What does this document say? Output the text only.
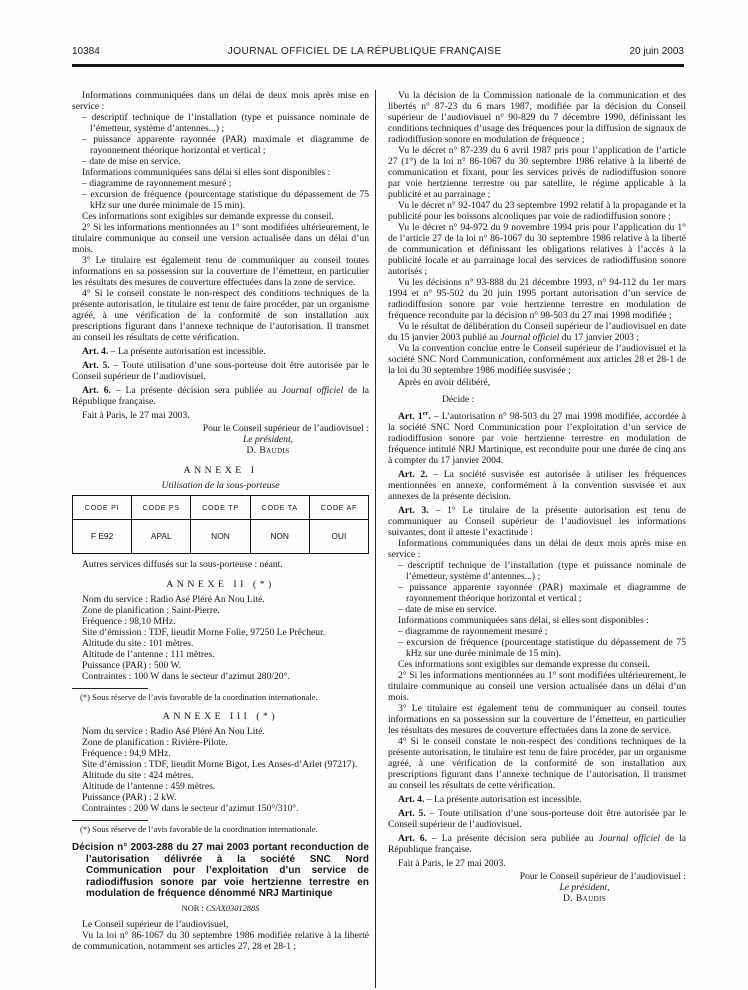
10384	JOURNAL OFFICIEL DE LA RÉPUBLIQUE FRANÇAISE	20 juin 2003

Informations communiquées dans un délai de deux mois après mise en service :

– descriptif technique de l’installation (type et puissance nominale de l’émetteur, système d’antennes...) ;

– puissance apparente rayonnée (PAR) maximale et diagramme de rayonnement théorique horizontal et vertical ;

– date de mise en service.

Informations communiquées sans délai si elles sont disponibles :

– diagramme de rayonnement mesuré ;

– excursion de fréquence (pourcentage statistique du dépassement de 75 kHz sur une durée minimale de 15 min).

Ces informations sont exigibles sur demande expresse du conseil.

2° Si les informations mentionnées au 1° sont modifiées ultérieurement, le titulaire communique au conseil une version actualisée dans un délai d’un mois.

3° Le titulaire est également tenu de communiquer au conseil toutes informations en sa possession sur la couverture de l’émetteur, en particulier les résultats des mesures de couverture effectuées dans la zone de service.

4° Si le conseil constate le non-respect des conditions techniques de la présente autorisation, le titulaire est tenu de faire procéder, par un organisme agréé, à une vérification de la conformité de son installation aux prescriptions figurant dans l’annexe technique de l’autorisation. Il transmet au conseil les résultats de cette vérification.

Art. 4. – La présente autorisation est incessible.

Art. 5. – Toute utilisation d’une sous-porteuse doit être autorisée par le Conseil supérieur de l’audiovisuel.

Art. 6. – La présente décision sera publiée au Journal officiel de la République française.

Fait à Paris, le 27 mai 2003.

Pour le Conseil supérieur de l’audiovisuel :

Le président,

D. Baudis

ANNEXE I

Utilisation de la sous-porteuse

CODE PI	CODE PS	CODE TP	CODE TA	CODE AF
F E92	APAL	NON	NON	OUI

Autres services diffusés sur la sous-porteuse : néant.

ANNEXE II (*)

Nom du service : Radio Asé Pléré An Nou Lité.

Zone de planification : Saint-Pierre.

Fréquence : 98,10 MHz.

Site d’émission : TDF, lieudit Morne Folie, 97250 Le Prêcheur.

Altitude du site : 101 mètres.

Altitude de l’antenne : 111 mètres.

Puissance (PAR) : 500 W.

Contraintes : 100 W dans le secteur d’azimut 280/20°.

(*) Sous réserve de l’avis favorable de la coordination internationale.

ANNEXE III (*)

Nom du service : Radio Asé Pléré An Nou Lité.

Zone de planification : Rivière-Pilote.

Fréquence : 94,9 MHz.

Site d’émission : TDF, lieudit Morne Bigot, Les Anses-d’Arlet (97217).

Altitude du site : 424 mètres.

Altitude de l’antenne : 459 mètres.

Puissance (PAR) : 2 kW.

Contraintes : 200 W dans le secteur d’azimut 150°/310°.

(*) Sous réserve de l’avis favorable de la coordination internationale.

Décision n° 2003-288 du 27 mai 2003 portant reconduction de l’autorisation délivrée à la société SNC Nord Communication pour l’exploitation d’un service de radiodiffusion sonore par voie hertzienne terrestre en modulation de fréquence dénommé NRJ Martinique

NOR : CSAX0301288S

Le Conseil supérieur de l’audiovisuel,

Vu la loi n° 86-1067 du 30 septembre 1986 modifiée relative à la liberté de communication, notamment ses articles 27, 28 et 28-1 ;

Vu la décision de la Commission nationale de la communication et des libertés n° 87-23 du 6 mars 1987, modifiée par la décision du Conseil supérieur de l’audiovisuel n° 90-829 du 7 décembre 1990, définissant les conditions techniques d’usage des fréquences pour la diffusion de signaux de radiodiffusion sonore en modulation de fréquence ;

Vu le décret n° 87-239 du 6 avril 1987 pris pour l’application de l’article 27 (1°) de la loi n° 86-1067 du 30 septembre 1986 relative à la liberté de communication et fixant, pour les services privés de radiodiffusion sonore par voie hertzienne terrestre ou par satellite, le régime applicable à la publicité et au parrainage ;

Vu le décret n° 92-1047 du 23 septembre 1992 relatif à la propagande et la publicité pour les boissons alcooliques par voie de radiodiffusion sonore ;

Vu le décret n° 94-972 du 9 novembre 1994 pris pour l’application du 1° de l’article 27 de la loi n° 86-1067 du 30 septembre 1986 relative à la liberté de communication et définissant les obligations relatives à l’accès à la publicité locale et au parrainage local des services de radiodiffusion sonore autorisés ;

Vu les décisions n° 93-888 du 21 décembre 1993, n° 94-112 du 1er mars 1994 et n° 95-502 du 20 juin 1995 portant autorisation d’un service de radiodiffusion sonore par voie hertzienne terrestre en modulation de fréquence reconduite par la décision n° 98-503 du 27 mai 1998 modifiée ;

Vu le résultat de délibération du Conseil supérieur de l’audiovisuel en date du 15 janvier 2003 publié au Journal officiel du 17 janvier 2003 ;

Vu la convention conclue entre le Conseil supérieur de l’audiovisuel et la société SNC Nord Communication, conformément aux articles 28 et 28-1 de la loi du 30 septembre 1986 modifiée susvisée ;

Après en avoir délibéré,

Décide :

Art. 1er. – L’autorisation n° 98-503 du 27 mai 1998 modifiée, accordée à la société SNC Nord Communication pour l’exploitation d’un service de radiodiffusion sonore par voie hertzienne terrestre en modulation de fréquence intitulé NRJ Martinique, est reconduite pour une durée de cinq ans à compter du 17 janvier 2004.

Art. 2. – La société susvisée est autorisée à utiliser les fréquences mentionnées en annexe, conformément à la convention susvisée et aux annexes de la présente décision.

Art. 3. – 1° Le titulaire de la présente autorisation est tenu de communiquer au Conseil supérieur de l’audiovisuel les informations suivantes, dont il atteste l’exactitude :

Informations communiquées dans un délai de deux mois après mise en service :

– descriptif technique de l’installation (type et puissance nominale de l’émetteur, système d’antennes...) ;

– puissance apparente rayonnée (PAR) maximale et diagramme de rayonnement théorique horizontal et vertical ;

– date de mise en service.

Informations communiquées sans délai, si elles sont disponibles :

– diagramme de rayonnement mesuré ;

– excursion de fréquence (pourcentage statistique du dépassement de 75 kHz sur une durée minimale de 15 min).

Ces informations sont exigibles sur demande expresse du conseil.

2° Si les informations mentionnées au 1° sont modifiées ultérieurement, le titulaire communique au conseil une version actualisée dans un délai d’un mois.

3° Le titulaire est également tenu de communiquer au conseil toutes informations en sa possession sur la couverture de l’émetteur, en particulier les résultats des mesures de couverture effectuées dans la zone de service.

4° Si le conseil constate le non-respect des conditions techniques de la présente autorisation, le titulaire est tenu de faire procéder, par un organisme agréé, à une vérification de la conformité de son installation aux prescriptions figurant dans l’annexe technique de l’autorisation. Il transmet au conseil les résultats de cette vérification.

Art. 4. – La présente autorisation est incessible.

Art. 5. – Toute utilisation d’une sous-porteuse doit être autorisée par le Conseil supérieur de l’audiovisuel.

Art. 6. – La présente décision sera publiée au Journal officiel de la République française.

Fait à Paris, le 27 mai 2003.

Pour le Conseil supérieur de l’audiovisuel :

Le président,

D. Baudis
